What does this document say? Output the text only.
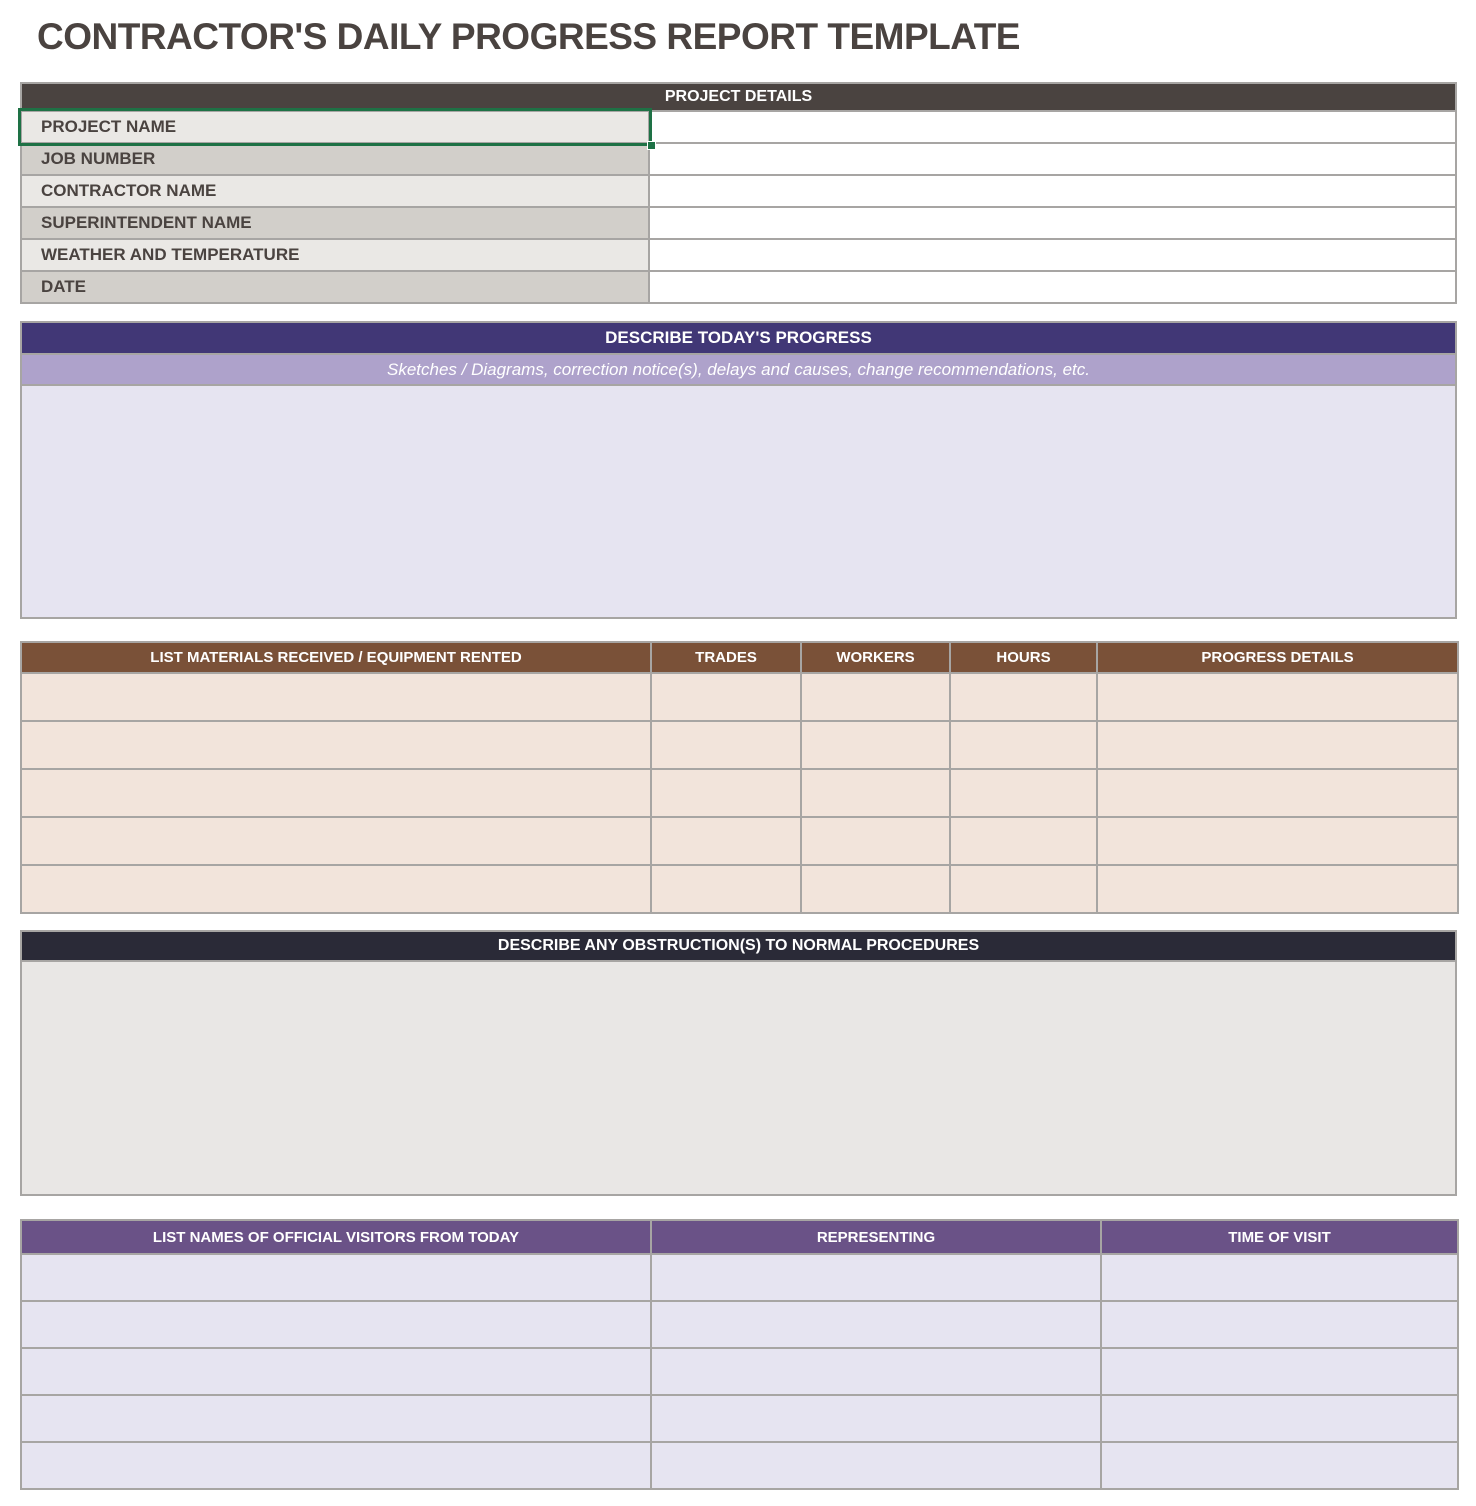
CONTRACTOR'S DAILY PROGRESS REPORT TEMPLATE
PROJECT DETAILS
PROJECT NAME	
JOB NUMBER	
CONTRACTOR NAME	
SUPERINTENDENT NAME	
WEATHER AND TEMPERATURE	
DATE	
DESCRIBE TODAY'S PROGRESS
Sketches / Diagrams, correction notice(s), delays and causes, change recommendations, etc.
LIST MATERIALS RECEIVED / EQUIPMENT RENTED	TRADES	WORKERS	HOURS	PROGRESS DETAILS

DESCRIBE ANY OBSTRUCTION(S) TO NORMAL PROCEDURES
LIST NAMES OF OFFICIAL VISITORS FROM TODAY	REPRESENTING	TIME OF VISIT
